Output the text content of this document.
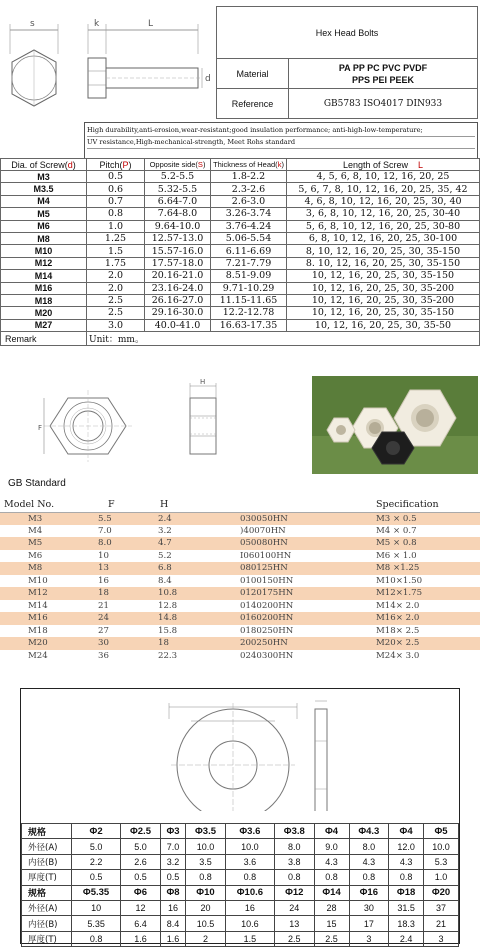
s	k	L
d
Hex Head Bolts	
Material	PA PP PC PVC PVDF
PPS PEI PEEK

Reference	GB5783 ISO4017 DIN933
High durability,anti-erosion,wear-resistant;good insulation performance; anti-high-low-temperature;
UV resistance,High-mechanical-strength, Meet Rohs standard
Dia. of Screw(d)	Pitch(P)	Opposite side(S)	Thickness of Head(k)	Length of Screw L
M3	0.5	5.2-5.5	1.8-2.2	4, 5, 6, 8, 10, 12, 16, 20, 25
M3.5	0.6	5.32-5.5	2.3-2.6	5, 6, 7, 8, 10, 12, 16, 20, 25, 35, 42
M4	0.7	6.64-7.0	2.6-3.0	4, 6, 8, 10, 12, 16, 20, 25, 30, 40
M5	0.8	7.64-8.0	3.26-3.74	3, 6, 8, 10, 12, 16, 20, 25, 30-40
M6	1.0	9.64-10.0	3.76-4.24	5, 6, 8, 10, 12, 16, 20, 25, 30-80
M8	1.25	12.57-13.0	5.06-5.54	6, 8, 10, 12, 16, 20, 25, 30-100
M10	1.5	15.57-16.0	6.11-6.69	8, 10, 12, 16, 20, 25, 30, 35-150
M12	1.75	17.57-18.0	7.21-7.79	8. 10, 12, 16, 20, 25, 30, 35-150
M14	2.0	20.16-21.0	8.51-9.09	10, 12, 16, 20, 25, 30, 35-150
M16	2.0	23.16-24.0	9.71-10.29	10, 12, 16, 20, 25, 30, 35-200
M18	2.5	26.16-27.0	11.15-11.65	10, 12, 16, 20, 25, 30, 35-200
M20	2.5	29.16-30.0	12.2-12.78	10, 12, 16, 20, 25, 30, 35-150
M27	3.0	40.0-41.0	16.63-17.35	10, 12, 16, 20, 25, 30, 35-50
Remark	Unit：mm。			
F
H
GB Standard
Model No.	F	H		Specification
M3	5.5	2.4	030050HN	M3 × 0.5
M4	7.0	3.2	)40070HN	M4 × 0.7
M5	8.0	4.7	050080HN	M5 × 0.8
M6	10	5.2	I060100HN	M6 × 1.0
M8	13	6.8	080125HN	M8 ×1.25
M10	16	8.4	0100150HN	M10×1.50
M12	18	10.8	0120175HN	M12×1.75
M14	21	12.8	0140200HN	M14× 2.0
M16	24	14.8	0160200HN	M16× 2.0
M18	27	15.8	0180250HN	M18× 2.5
M20	30	18	200250HN	M20× 2.5
M24	36	22.3	0240300HN	M24× 3.0
规格	Φ2	Φ2.5	Φ3	Φ3.5	Φ3.6	Φ3.8	Φ4	Φ4.3	Φ4	Φ5
外径(A)	5.0	5.0	7.0	10.0	10.0	8.0	9.0	8.0	12.0	10.0
内径(B)	2.2	2.6	3.2	3.5	3.6	3.8	4.3	4.3	4.3	5.3
厚度(T)	0.5	0.5	0.5	0.8	0.8	0.8	0.8	0.8	0.8	1.0
规格	Φ5.35	Φ6	Φ8	Φ10	Φ10.6	Φ12	Φ14	Φ16	Φ18	Φ20
外径(A)	10	12	16	20	16	24	28	30	31.5	37
内径(B)	5.35	6.4	8.4	10.5	10.6	13	15	17	18.3	21
厚度(T)	0.8	1.6	1.6	2	1.5	2.5	2.5	3	2.4	3
